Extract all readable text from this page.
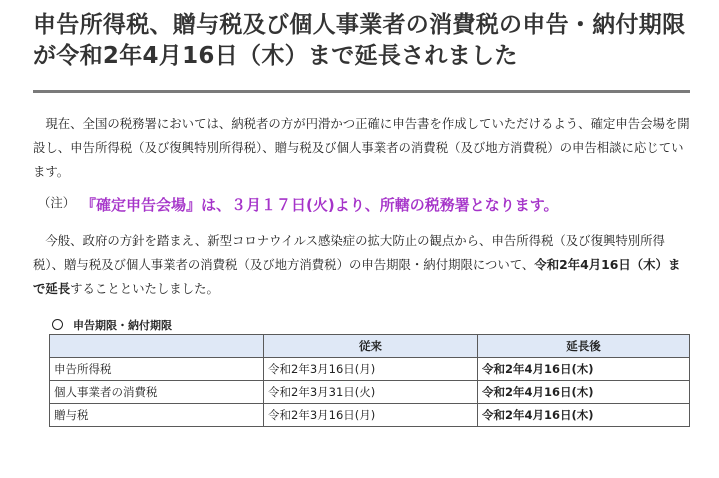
申告所得税、贈与税及び個人事業者の消費税の申告・納付期限が令和2年4月16日（木）まで延長されました

　現在、全国の税務署においては、納税者の方が円滑かつ正確に申告書を作成していただけるよう、確定申告会場を開設し、申告所得税（及び復興特別所得税）、贈与税及び個人事業者の消費税（及び地方消費税）の申告相談に応じています。

（注） 『確定申告会場』は、３月１７日(火)より、所轄の税務署となります。

　今般、政府の方針を踏まえ、新型コロナウイルス感染症の拡大防止の観点から、申告所得税（及び復興特別所得税）、贈与税及び個人事業者の消費税（及び地方消費税）の申告期限・納付期限について、令和2年4月16日（木）まで延長することといたしました。

申告期限・納付期限
	従来	延長後
申告所得税	令和2年3月16日(月)	令和2年4月16日(木)
個人事業者の消費税	令和2年3月31日(火)	令和2年4月16日(木)
贈与税	令和2年3月16日(月)	令和2年4月16日(木)
